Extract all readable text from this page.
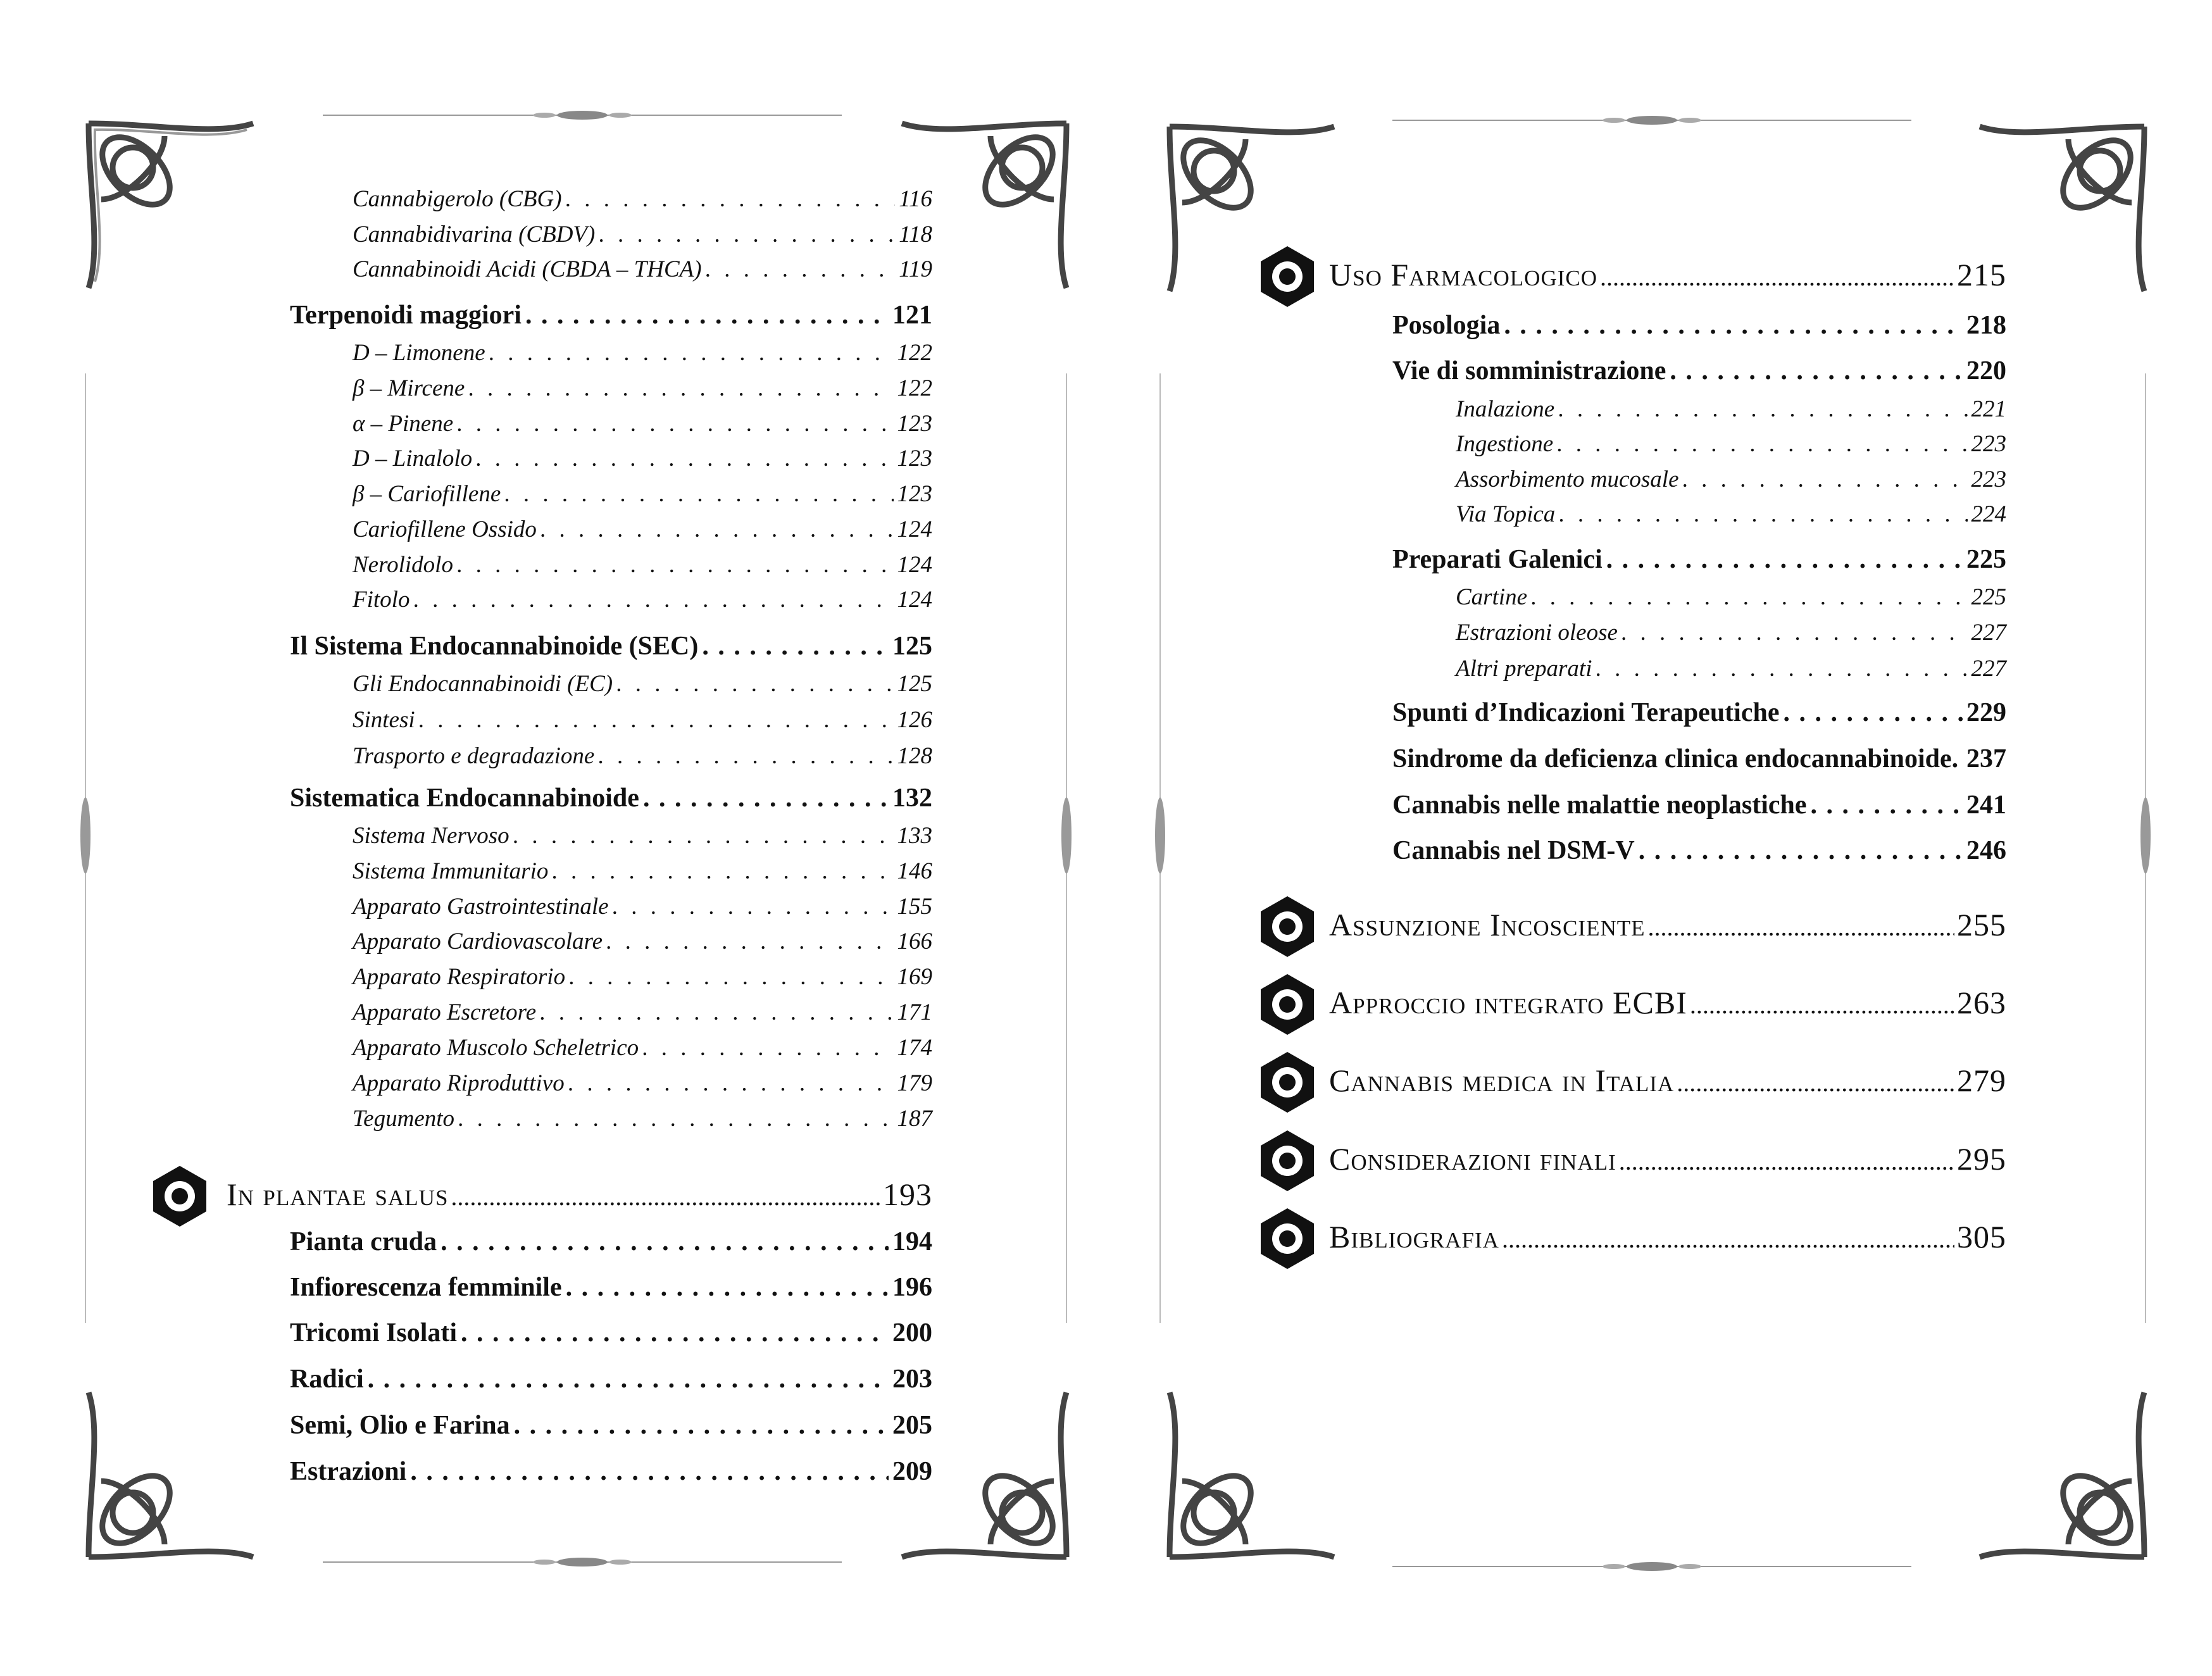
Cannabigerolo (CBG) . . .	116
Cannabidivarina (CBDV) . . .	118
Cannabinoidi Acidi (CBDA – THCA) . . .	119
Terpenoidi maggiori . . .	121
D – Limonene . . .	122
β – Mircene . . .	122
α – Pinene . . .	123
D – Linalolo . . .	123
β – Cariofillene . . .	123
Cariofillene Ossido . . .	124
Nerolidolo . . .	124
Fitolo . . .	124
Il Sistema Endocannabinoide (SEC) . . .	125
Gli Endocannabinoidi (EC) . . .	125
Sintesi . . .	126
Trasporto e degradazione . . .	128
Sistematica Endocannabinoide . . .	132
Sistema Nervoso . . .	133
Sistema Immunitario . . .	146
Apparato Gastrointestinale . . .	155
Apparato Cardiovascolare . . .	166
Apparato Respiratorio . . .	169
Apparato Escretore . . .	171
Apparato Muscolo Scheletrico . . .	174
Apparato Riproduttivo . . .	179
Tegumento . . .	187
In plantae salus .....	193
Pianta cruda . . .	194
Infiorescenza femminile . . .	196
Tricomi Isolati . . .	200
Radici . . .	203
Semi, Olio e Farina . . .	205
Estrazioni . . .	209
Uso Farmacologico .....	215
Posologia . . .	218
Vie di somministrazione . . .	220
Inalazione . . .	221
Ingestione . . .	223
Assorbimento mucosale . . .	223
Via Topica . . .	224
Preparati Galenici . . .	225
Cartine . . .	225
Estrazioni oleose . . .	227
Altri preparati . . .	227
Spunti d’Indicazioni Terapeutiche . . .	229
Sindrome da deficienza clinica endocannabinoide. . . . 237
Cannabis nelle malattie neoplastiche . . .	241
Cannabis nel DSM-V . . .	246
Assunzione Incosciente .....	255
Approccio integrato ECBI .....	263
Cannabis medica in Italia .....	279
Considerazioni finali .....	295
Bibliografia .....	305
